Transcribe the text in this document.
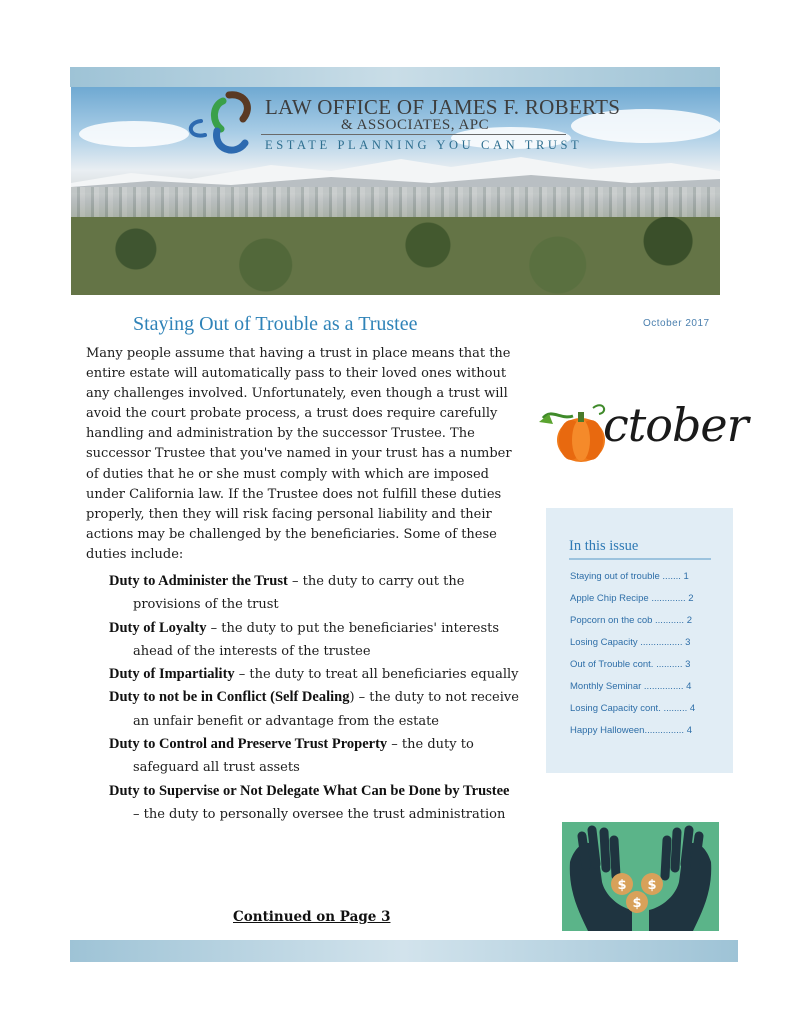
LAW OFFICE OF JAMES F. ROBERTS
& ASSOCIATES, APC
ESTATE PLANNING YOU CAN TRUST
Staying Out of Trouble as a Trustee	October 2017

Many people assume that having a trust in place means that the entire estate will automatically pass to their loved ones without any challenges involved. Unfortunately, even though a trust will avoid the court probate process, a trust does require carefully handling and administration by the successor Trustee. The successor Trustee that you've named in your trust has a number of duties that he or she must comply with which are imposed under California law. If the Trustee does not fulfill these duties properly, then they will risk facing personal liability and their actions may be challenged by the beneficiaries. Some of these duties include:

Duty to Administer the Trust – the duty to carry out the provisions of the trust

Duty of Loyalty – the duty to put the beneficiaries' interests ahead of the interests of the trustee

Duty of Impartiality – the duty to treat all beneficiaries equally

Duty to not be in Conflict (Self Dealing) – the duty to not receive an unfair benefit or advantage from the estate

Duty to Control and Preserve Trust Property – the duty to safeguard all trust assets

Duty to Supervise or Not Delegate What Can be Done by Trustee – the duty to personally oversee the trust administration

Continued on Page 3
ctober
In this issue
Staying out of trouble ....... 1
Apple Chip Recipe ............. 2
Popcorn on the cob ........... 2
Losing Capacity ................ 3
Out of Trouble cont. .......... 3
Monthly Seminar ............... 4
Losing Capacity cont. ......... 4
Happy Halloween............... 4
$ $
$
